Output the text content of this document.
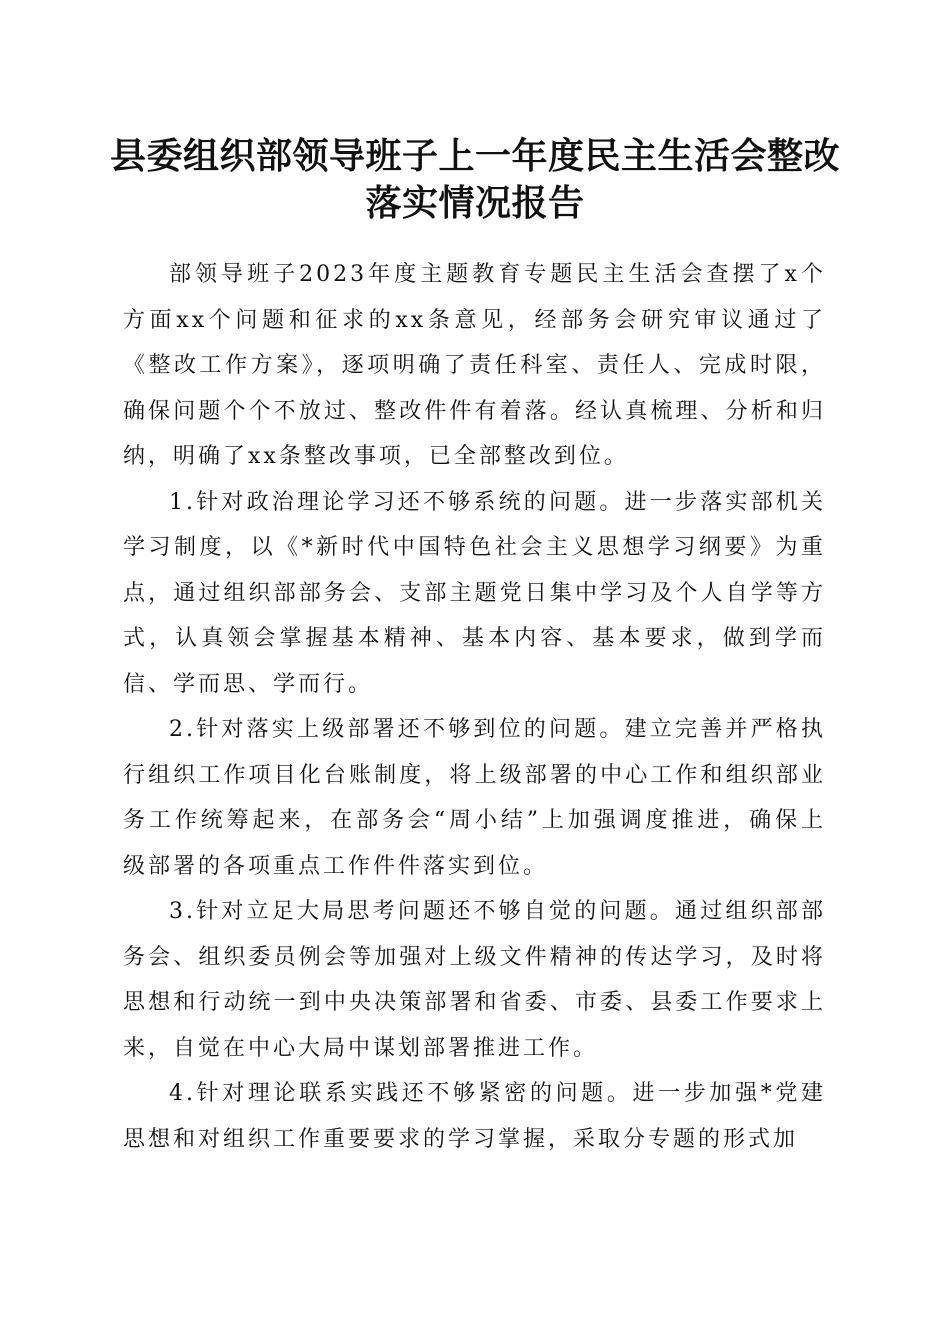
县委组织部领导班子上一年度民主生活会整改落实情况报告

部领导班子2023年度主题教育专题民主生活会查摆了x个方面xx个问题和征求的xx条意见，经部务会研究审议通过了《整改工作方案》，逐项明确了责任科室、责任人、完成时限，确保问题个个不放过、整改件件有着落。经认真梳理、分析和归纳，明确了xx条整改事项，已全部整改到位。

1.针对政治理论学习还不够系统的问题。进一步落实部机关学习制度，以《*新时代中国特色社会主义思想学习纲要》为重点，通过组织部部务会、支部主题党日集中学习及个人自学等方式，认真领会掌握基本精神、基本内容、基本要求，做到学而信、学而思、学而行。

2.针对落实上级部署还不够到位的问题。建立完善并严格执行组织工作项目化台账制度，将上级部署的中心工作和组织部业务工作统筹起来，在部务会“周小结”上加强调度推进，确保上级部署的各项重点工作件件落实到位。

3.针对立足大局思考问题还不够自觉的问题。通过组织部部务会、组织委员例会等加强对上级文件精神的传达学习，及时将思想和行动统一到中央决策部署和省委、市委、县委工作要求上来，自觉在中心大局中谋划部署推进工作。

4.针对理论联系实践还不够紧密的问题。进一步加强*党建思想和对组织工作重要要求的学习掌握，采取分专题的形式加
